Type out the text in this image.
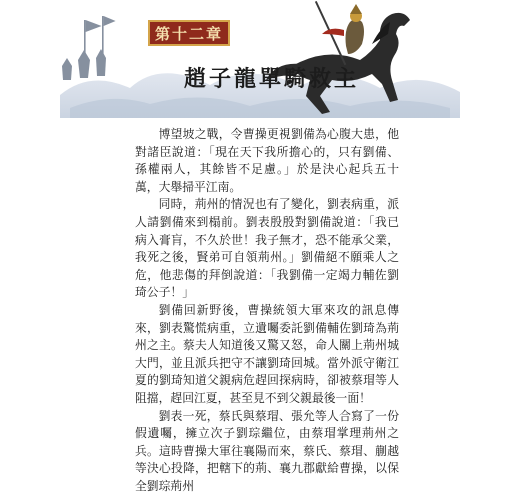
第十二章
趙子龍單騎救主

博望坡之戰，令曹操更視劉備為心腹大患，他對諸臣說道：「現在天下我所擔心的，只有劉備、孫權兩人，其餘皆不足慮。」於是決心起兵五十萬，大舉掃平江南。

同時，荊州的情況也有了變化，劉表病重，派人請劉備來到榻前。劉表殷殷對劉備說道：「我已病入膏肓，不久於世！我子無才，恐不能承父業，我死之後，賢弟可自領荊州。」劉備絕不願乘人之危，他悲傷的拜倒說道：「我劉備一定竭力輔佐劉琦公子！」

劉備回新野後，曹操統領大軍來攻的訊息傳來，劉表驚慌病重，立遺囑委託劉備輔佐劉琦為荊州之主。蔡夫人知道後又驚又怒，命人關上荊州城大門，並且派兵把守不讓劉琦回城。當外派守衛江夏的劉琦知道父親病危趕回探病時，卻被蔡瑁等人阻擋，趕回江夏，甚至見不到父親最後一面！

劉表一死，蔡氏與蔡瑁、張允等人合寫了一份假遺囑，擁立次子劉琮繼位，由蔡瑁掌理荊州之兵。這時曹操大軍往襄陽而來，蔡氏、蔡瑁、蒯越等決心投降，把轄下的荊、襄九郡獻給曹操，以保全劉琮荊州
